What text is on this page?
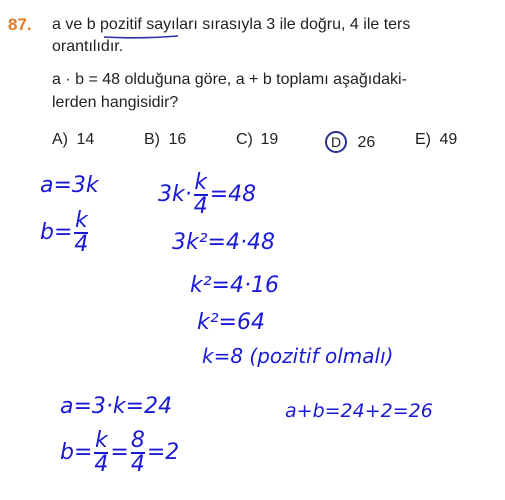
87. a ve b pozitif sayıları sırasıyla 3 ile doğru, 4 ile ters
orantılıdır.
a · b = 48 olduğuna göre, a + b toplamı aşağıdaki-
lerden hangisidir?
A) 14	B) 16	C) 19	D 26 E) 49
a=3k
$b= \frac{k}{4}$
$3k\cdot \frac{k}{4} =48$
3k²=4·48
k²=4·16
k²=64
k=8 (pozitif olmalı)
a=3·k=24
$b= \frac{k}{4} = \frac{8}{4} =2$
a+b=24+2=26
